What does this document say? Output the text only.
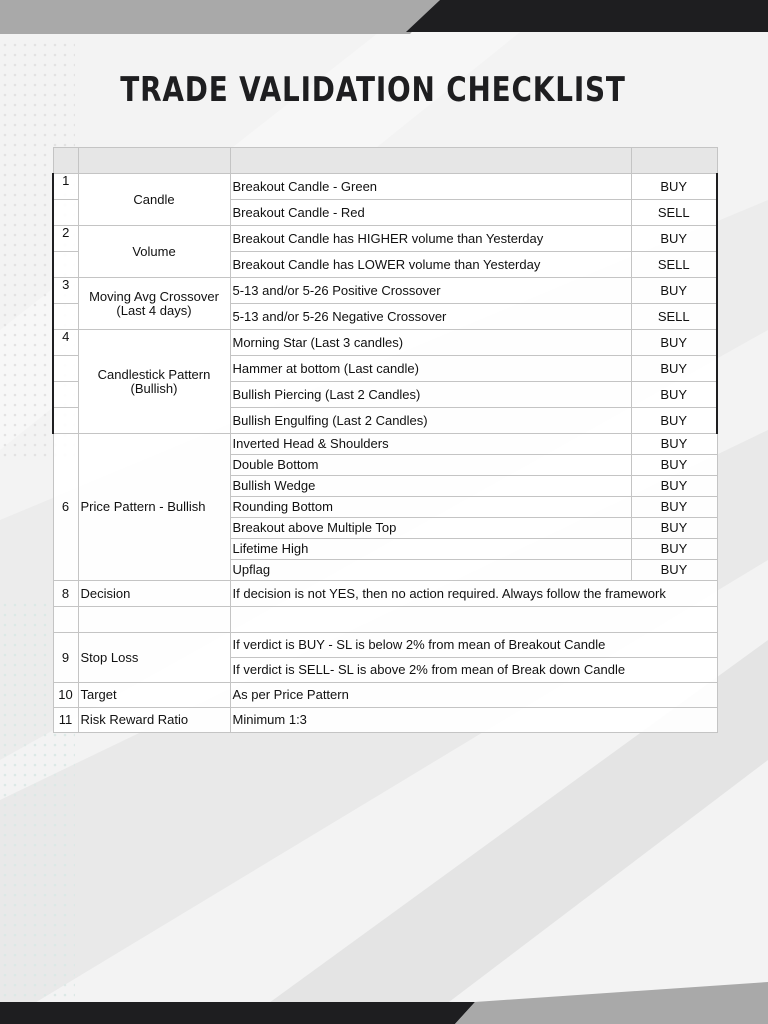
TRADE VALIDATION CHECKLIST

1	Candle	Breakout Candle - Green	BUY
		Breakout Candle - Red	SELL
2	Volume	Breakout Candle has HIGHER volume than Yesterday	BUY
		Breakout Candle has LOWER volume than Yesterday	SELL
3	Moving Avg Crossover (Last 4 days)	5-13 and/or 5-26 Positive Crossover	BUY
		5-13 and/or 5-26 Negative Crossover	SELL
4	Candlestick Pattern (Bullish)	Morning Star (Last 3 candles)	BUY
		Hammer at bottom (Last candle)	BUY
		Bullish Piercing (Last 2 Candles)	BUY
		Bullish Engulfing (Last 2 Candles)	BUY
6	Price Pattern - Bullish	Inverted Head & Shoulders	BUY
		Double Bottom	BUY
		Bullish Wedge	BUY
		Rounding Bottom	BUY
		Breakout above Multiple Top	BUY
		Lifetime High	BUY
		Upflag	BUY
8	Decision	If decision is not YES, then no action required. Always follow the framework	

9	Stop Loss	If verdict is BUY - SL is below 2% from mean of Breakout Candle	
		If verdict is SELL- SL is above 2% from mean of Break down Candle	
10	Target	As per Price Pattern	
11	Risk Reward Ratio	Minimum 1:3	
